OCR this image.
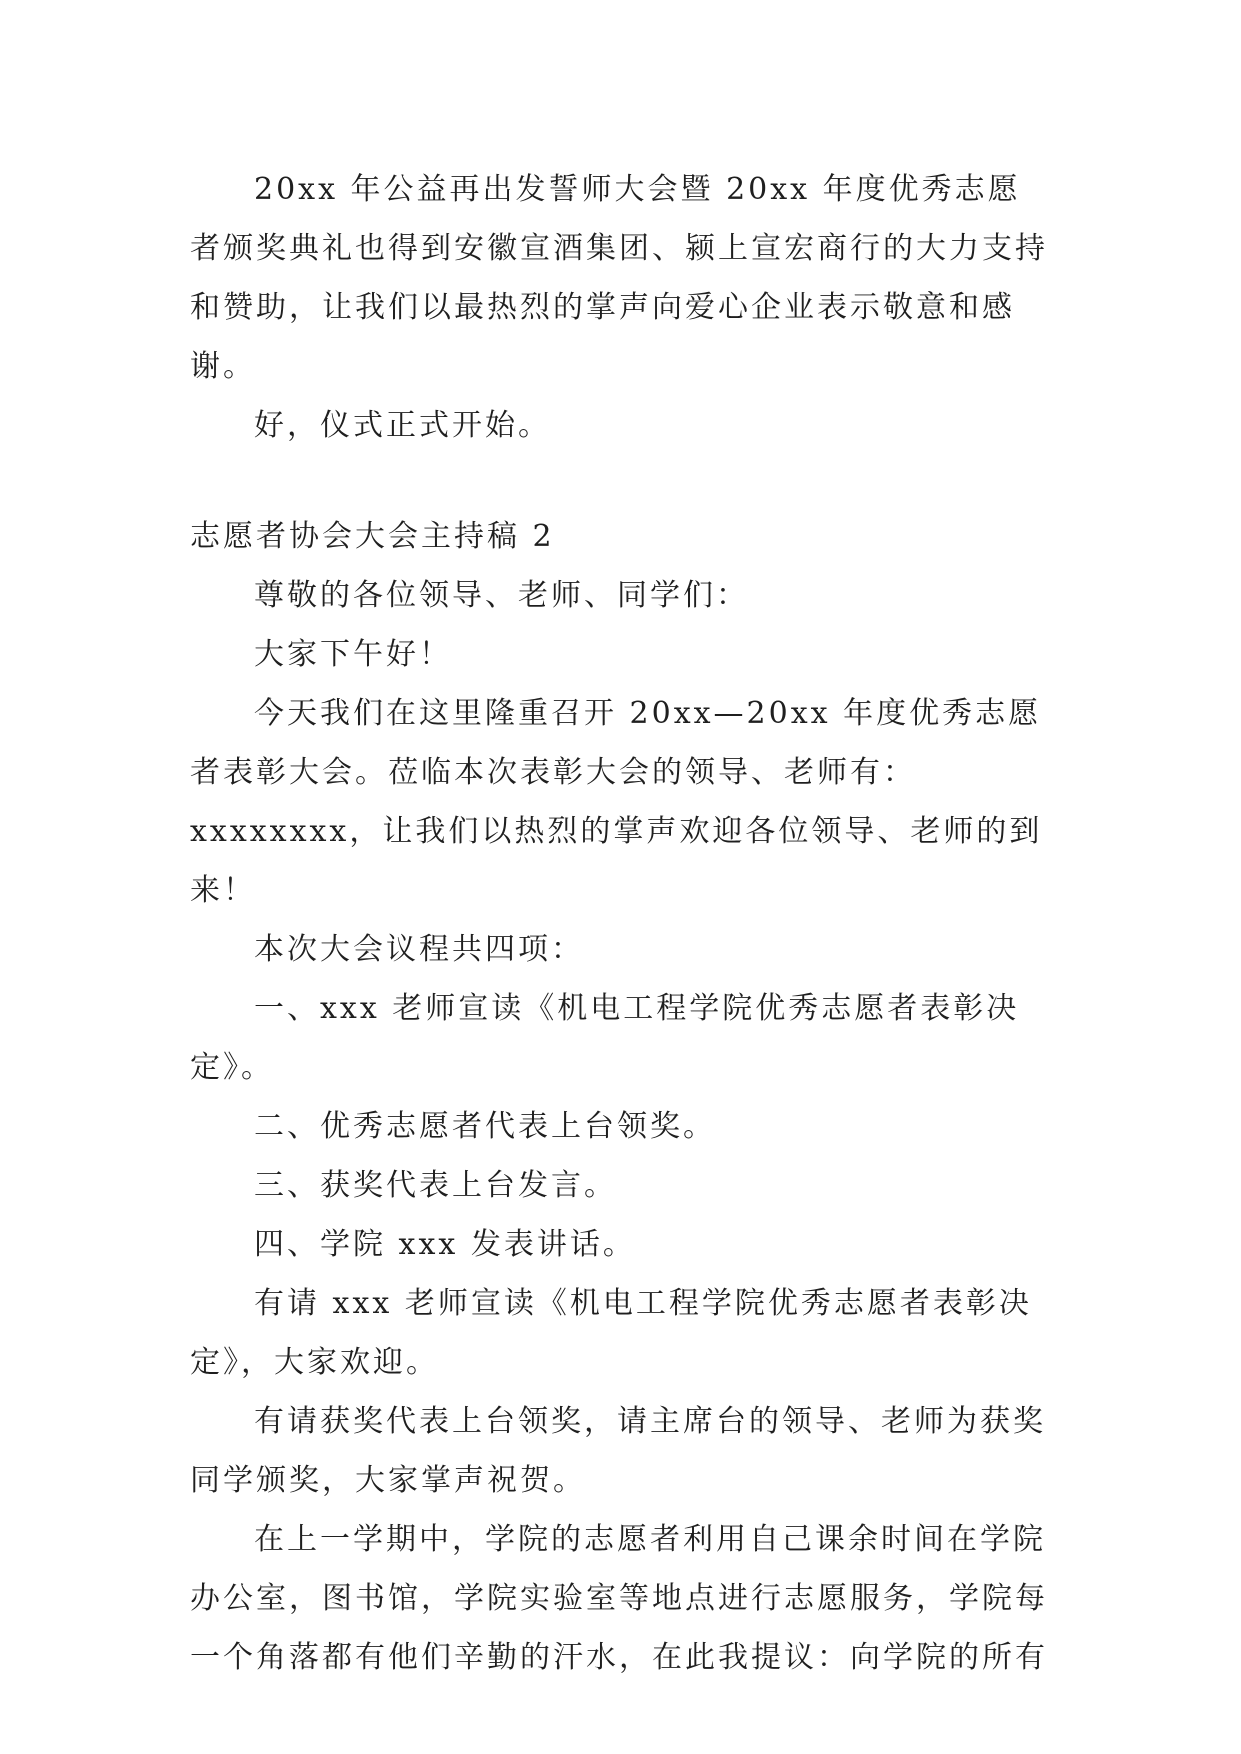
20xx 年公益再出发誓师大会暨 20xx 年度优秀志愿者颁奖典礼也得到安徽宣酒集团、颍上宣宏商行的大力支持和赞助，让我们以最热烈的掌声向爱心企业表示敬意和感谢。

好，仪式正式开始。

志愿者协会大会主持稿 2

尊敬的各位领导、老师、同学们：

大家下午好！

今天我们在这里隆重召开 20xx—20xx 年度优秀志愿者表彰大会。莅临本次表彰大会的领导、老师有：xxxxxxxx，让我们以热烈的掌声欢迎各位领导、老师的到来！

本次大会议程共四项：

一、xxx 老师宣读《机电工程学院优秀志愿者表彰决定》。

二、优秀志愿者代表上台领奖。

三、获奖代表上台发言。

四、学院 xxx 发表讲话。

有请 xxx 老师宣读《机电工程学院优秀志愿者表彰决定》，大家欢迎。

有请获奖代表上台领奖，请主席台的领导、老师为获奖同学颁奖，大家掌声祝贺。

在上一学期中，学院的志愿者利用自己课余时间在学院办公室，图书馆，学院实验室等地点进行志愿服务，学院每一个角落都有他们辛勤的汗水，在此我提议：向学院的所有
